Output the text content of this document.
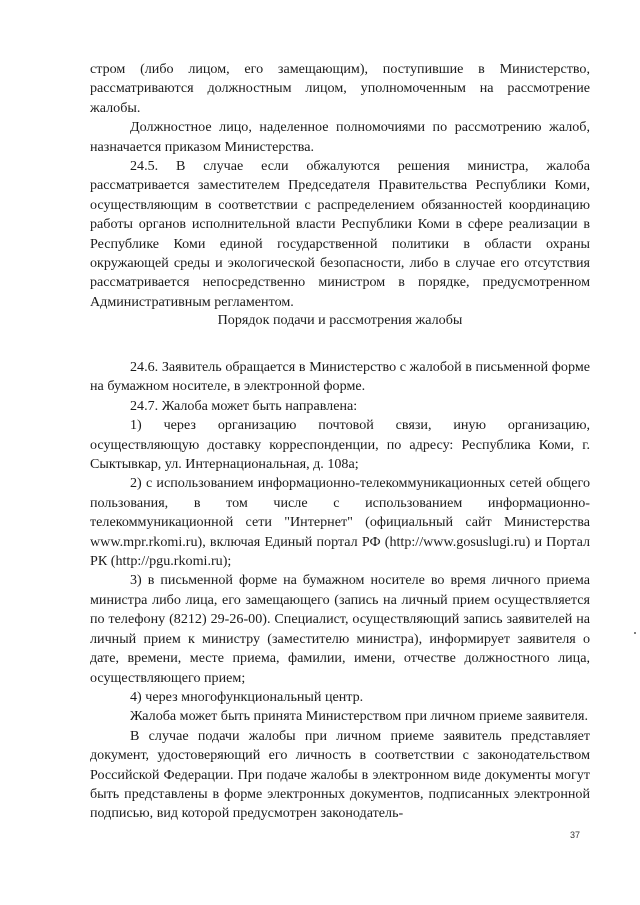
стром (либо лицом, его замещающим), поступившие в Министерство, рассматриваются должностным лицом, уполномоченным на рассмотрение жалобы.

Должностное лицо, наделенное полномочиями по рассмотрению жалоб, назначается приказом Министерства.

24.5. В случае если обжалуются решения министра, жалоба рассматривается заместителем Председателя Правительства Республики Коми, осуществляющим в соответствии с распределением обязанностей координацию работы органов исполнительной власти Республики Коми в сфере реализации в Республике Коми единой государственной политики в области охраны окружающей среды и экологической безопасности, либо в случае его отсутствия рассматривается непосредственно министром в порядке, предусмотренном Административным регламентом.

Порядок подачи и рассмотрения жалобы

24.6. Заявитель обращается в Министерство с жалобой в письменной форме на бумажном носителе, в электронной форме.

24.7. Жалоба может быть направлена:

1) через организацию почтовой связи, иную организацию, осуществляющую доставку корреспонденции, по адресу: Республика Коми, г. Сыктывкар, ул. Интернациональная, д. 108а;

2) с использованием информационно-телекоммуникационных сетей общего пользования, в том числе с использованием информационно-телекоммуникационной сети "Интернет" (официальный сайт Министерства www.mpr.rkomi.ru), включая Единый портал РФ (http://www.gosuslugi.ru) и Портал РК (http://pgu.rkomi.ru);

3) в письменной форме на бумажном носителе во время личного приема министра либо лица, его замещающего (запись на личный прием осуществляется по телефону (8212) 29-26-00). Специалист, осуществляющий запись заявителей на личный прием к министру (заместителю министра), информирует заявителя о дате, времени, месте приема, фамилии, имени, отчестве должностного лица, осуществляющего прием;

4) через многофункциональный центр.

Жалоба может быть принята Министерством при личном приеме заявителя.

В случае подачи жалобы при личном приеме заявитель представляет документ, удостоверяющий его личность в соответствии с законодательством Российской Федерации. При подаче жалобы в электронном виде документы могут быть представлены в форме электронных документов, подписанных электронной подписью, вид которой предусмотрен законодатель-

37
